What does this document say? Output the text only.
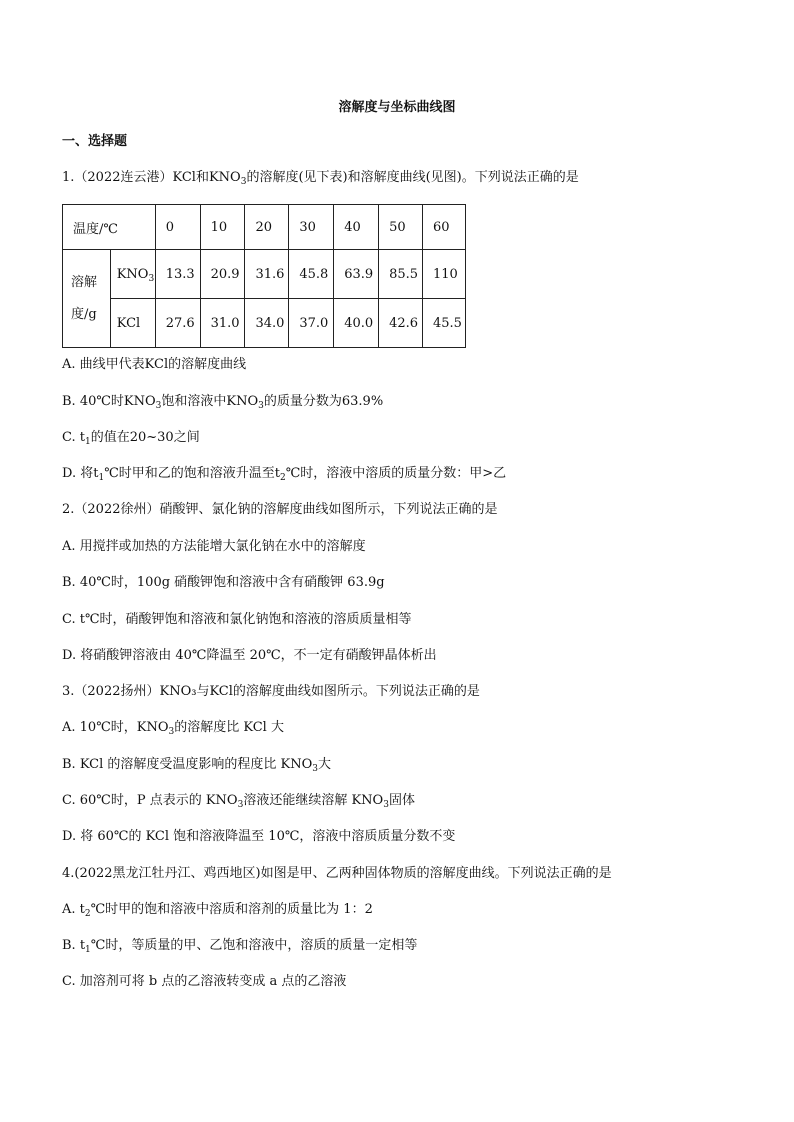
溶解度与坐标曲线图
一、选择题
1.（2022连云港）KCl和$KNO_3$的溶解度(见下表)和溶解度曲线(见图)。下列说法正确的是
温度/℃		0	10	20	30	40	50	60
溶解
度/g	$KNO_3$	13.3	20.9	31.6	45.8	63.9	85.5	110
	KCl	27.6	31.0	34.0	37.0	40.0	42.6	45.5
A. 曲线甲代表KCl的溶解度曲线
B. 40℃时$KNO_3$饱和溶液中$KNO_3$的质量分数为63.9%
C. $t_1$的值在20~30之间
D. 将$t_1℃$时甲和乙的饱和溶液升温至$t_2℃$时，溶液中溶质的质量分数：甲>乙
2.（2022徐州）硝酸钾、氯化钠的溶解度曲线如图所示，下列说法正确的是
A. 用搅拌或加热的方法能增大氯化钠在水中的溶解度
B. 40℃时，100g 硝酸钾饱和溶液中含有硝酸钾 63.9g
C. t℃时，硝酸钾饱和溶液和氯化钠饱和溶液的溶质质量相等
D. 将硝酸钾溶液由 40℃降温至 20℃，不一定有硝酸钾晶体析出
3.（2022扬州）KNO₃与KCl的溶解度曲线如图所示。下列说法正确的是
A. 10℃时，$KNO_3$的溶解度比 KCl 大
B. KCl 的溶解度受温度影响的程度比 $KNO_3$大
C. 60℃时，P 点表示的 $KNO_3$溶液还能继续溶解 $KNO_3$固体
D. 将 60℃的 KCl 饱和溶液降温至 10℃，溶液中溶质质量分数不变
4.(2022黑龙江牡丹江、鸡西地区)如图是甲、乙两种固体物质的溶解度曲线。下列说法正确的是
A. $t_2℃$时甲的饱和溶液中溶质和溶剂的质量比为 1：2
B. $t_1℃$时，等质量的甲、乙饱和溶液中，溶质的质量一定相等
C. 加溶剂可将 b 点的乙溶液转变成 a 点的乙溶液
